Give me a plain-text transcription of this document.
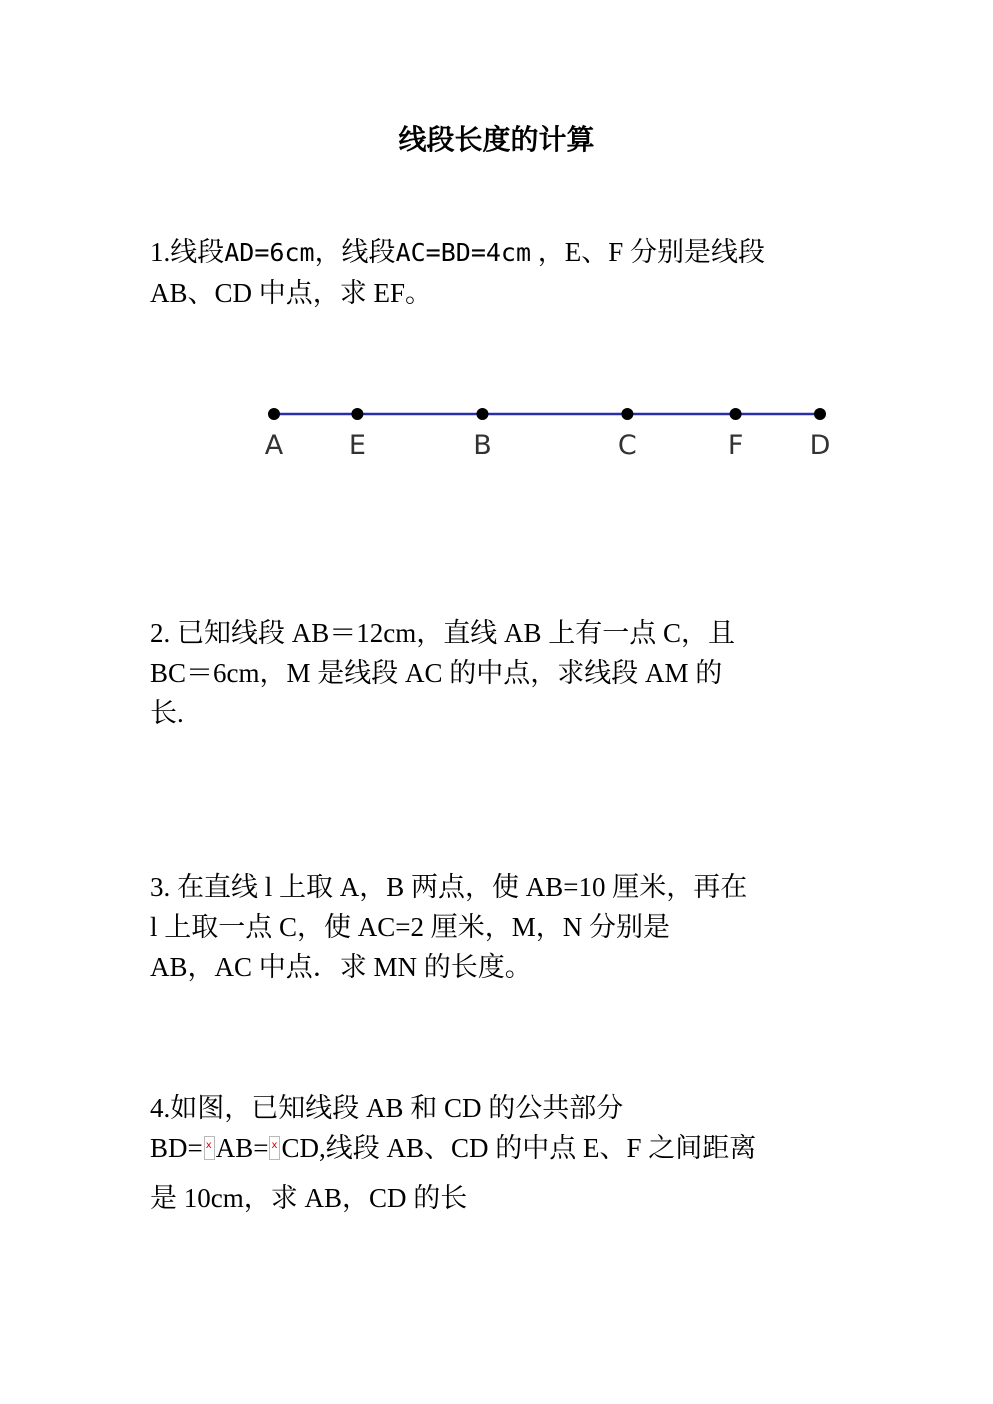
线段长度的计算
1.线段AD=6cm，线段AC=BD=4cm ，E、F 分别是线段
AB、CD 中点，求 EF。
A E	B	C	F D
2. 已知线段 AB＝12cm，直线 AB 上有一点 C，且
BC＝6cm，M 是线段 AC 的中点，求线段 AM 的
长.
3. 在直线 l 上取 A，B 两点，使 AB=10 厘米，再在
l 上取一点 C，使 AC=2 厘米，M，N 分别是
AB，AC 中点．求 MN 的长度。
4.如图，已知线段 AB 和 CD 的公共部分
BD= x AB= x CD,线段 AB、CD 的中点 E、F 之间距离
是 10cm，求 AB，CD 的长
